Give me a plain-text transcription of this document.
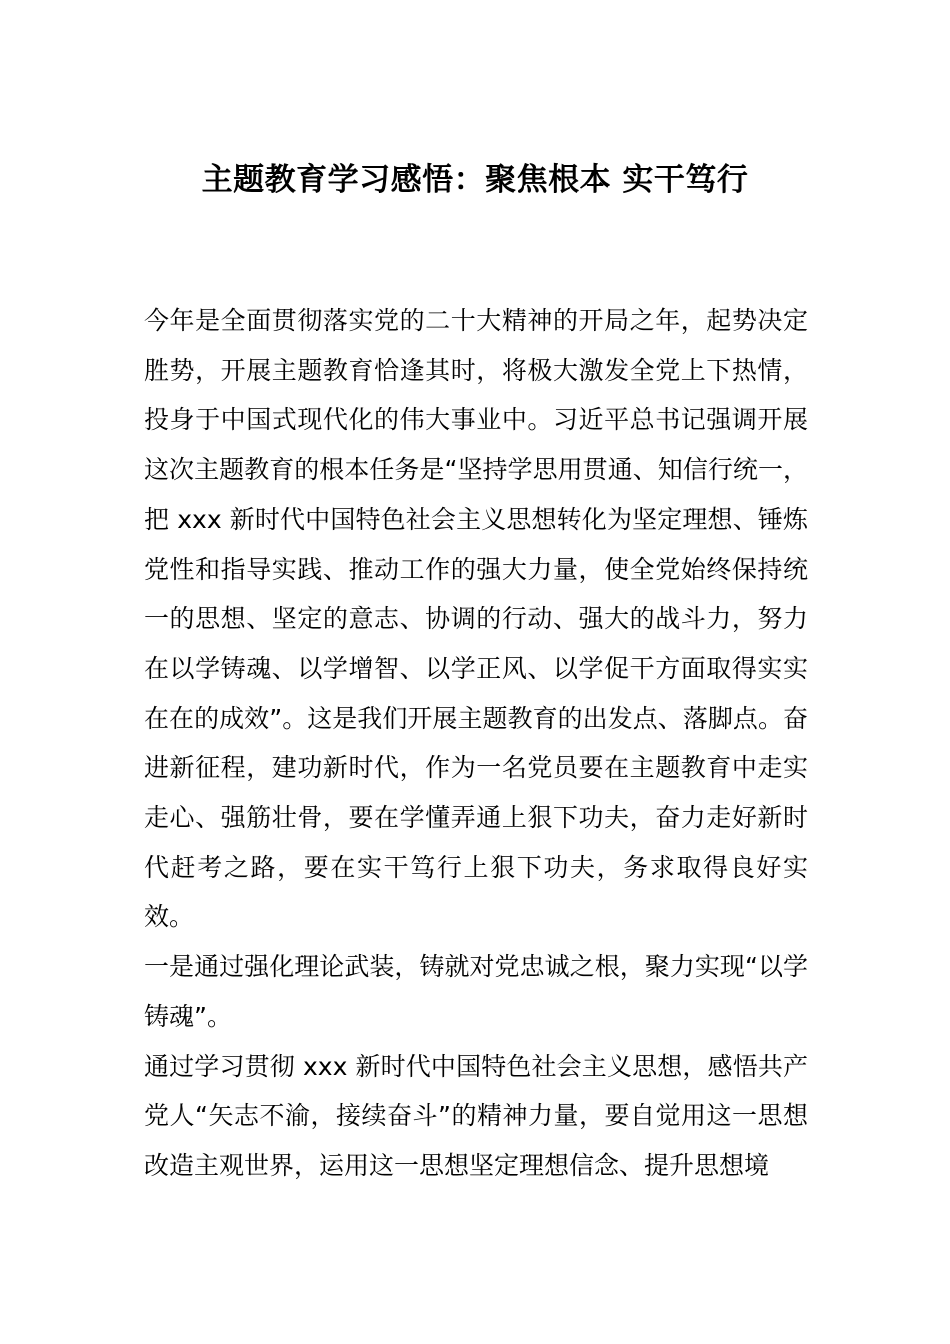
主题教育学习感悟：聚焦根本 实干笃行

今年是全面贯彻落实党的二十大精神的开局之年，起势决定胜势，开展主题教育恰逢其时，将极大激发全党上下热情，投身于中国式现代化的伟大事业中。习近平总书记强调开展这次主题教育的根本任务是“坚持学思用贯通、知信行统一，把 xxx 新时代中国特色社会主义思想转化为坚定理想、锤炼党性和指导实践、推动工作的强大力量，使全党始终保持统一的思想、坚定的意志、协调的行动、强大的战斗力，努力在以学铸魂、以学增智、以学正风、以学促干方面取得实实在在的成效”。这是我们开展主题教育的出发点、落脚点。奋进新征程，建功新时代，作为一名党员要在主题教育中走实走心、强筋壮骨，要在学懂弄通上狠下功夫，奋力走好新时代赶考之路，要在实干笃行上狠下功夫，务求取得良好实效。

一是通过强化理论武装，铸就对党忠诚之根，聚力实现“以学铸魂”。

通过学习贯彻 xxx 新时代中国特色社会主义思想，感悟共产党人“矢志不渝，接续奋斗”的精神力量，要自觉用这一思想改造主观世界，运用这一思想坚定理想信念、提升思想境
